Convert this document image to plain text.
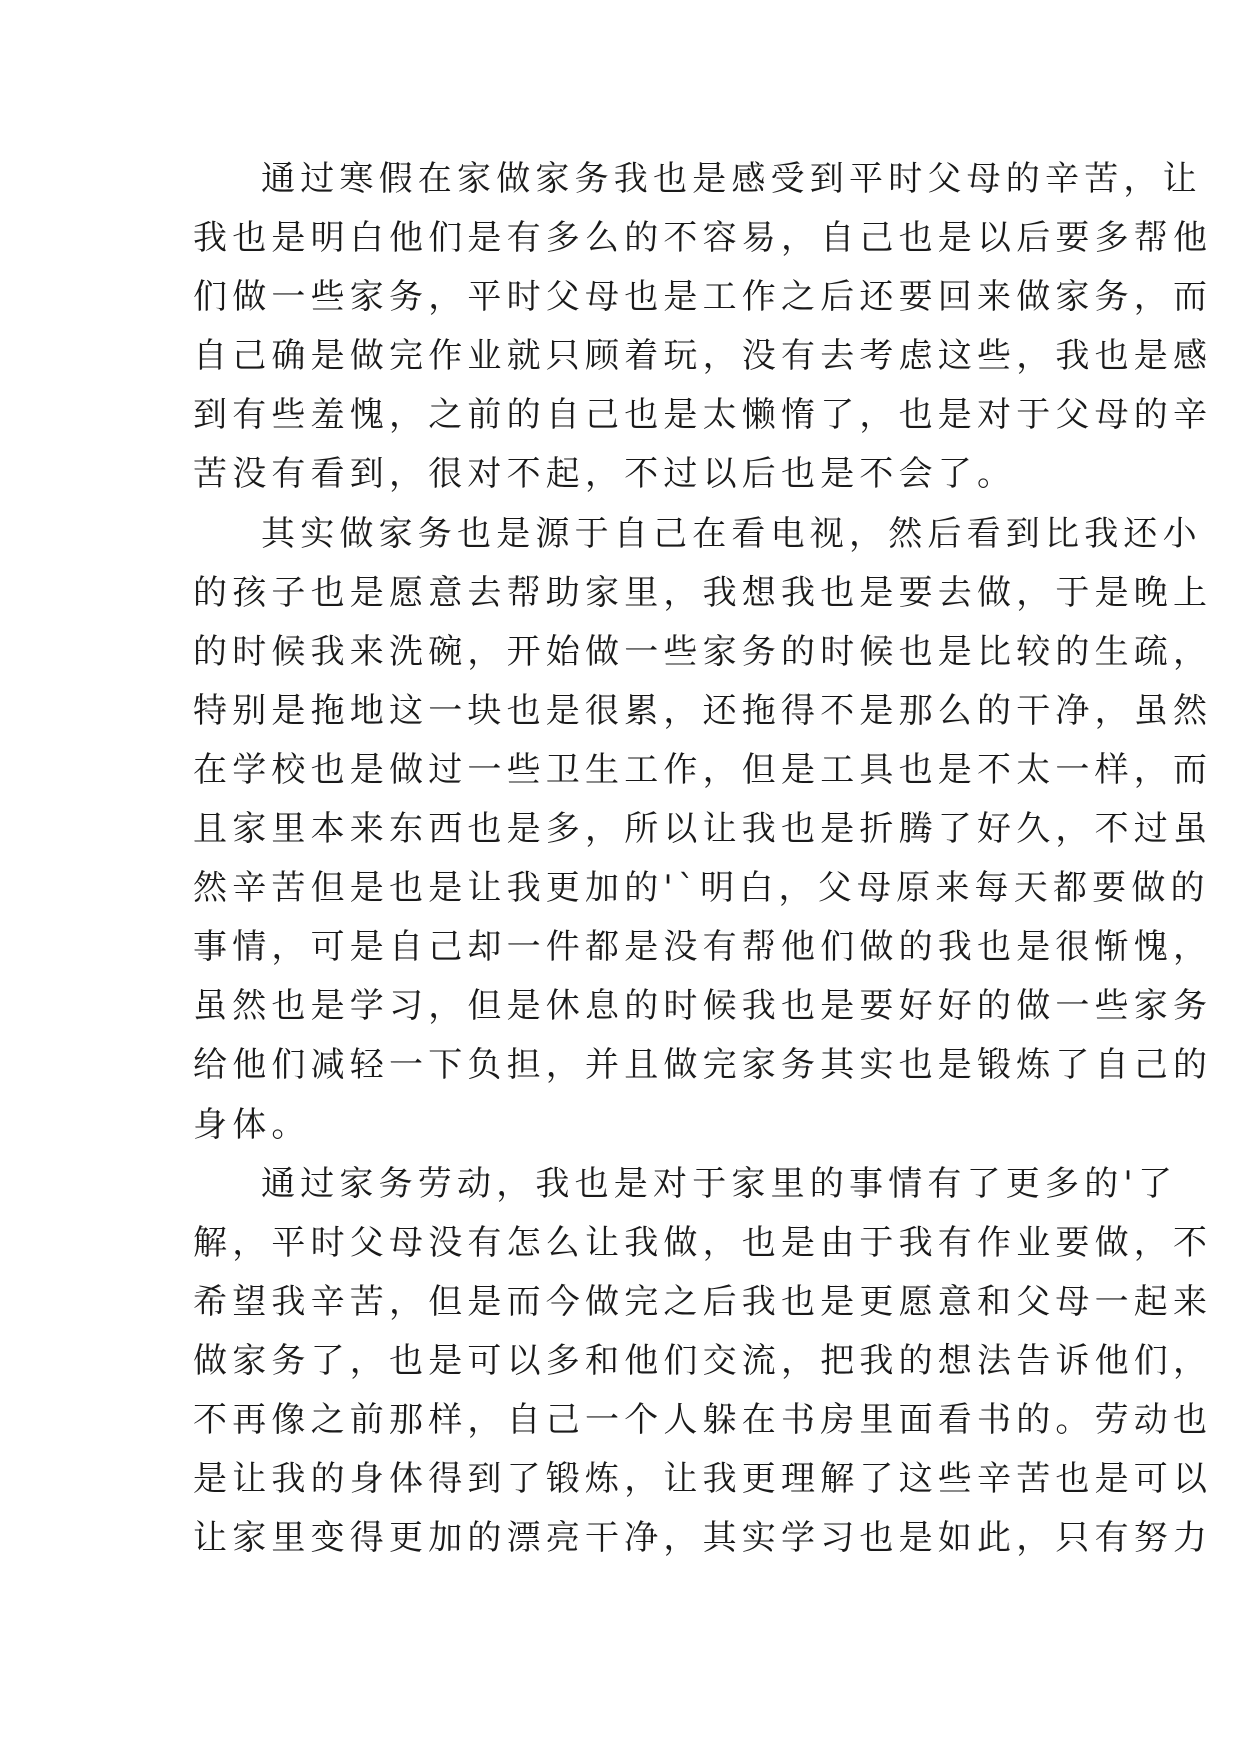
通过寒假在家做家务我也是感受到平时父母的辛苦，让
我也是明白他们是有多么的不容易，自己也是以后要多帮他
们做一些家务，平时父母也是工作之后还要回来做家务，而
自己确是做完作业就只顾着玩，没有去考虑这些，我也是感
到有些羞愧，之前的自己也是太懒惰了，也是对于父母的辛
苦没有看到，很对不起，不过以后也是不会了。
其实做家务也是源于自己在看电视，然后看到比我还小
的孩子也是愿意去帮助家里，我想我也是要去做，于是晚上
的时候我来洗碗，开始做一些家务的时候也是比较的生疏，
特别是拖地这一块也是很累，还拖得不是那么的干净，虽然
在学校也是做过一些卫生工作，但是工具也是不太一样，而
且家里本来东西也是多，所以让我也是折腾了好久，不过虽
然辛苦但是也是让我更加的'`明白，父母原来每天都要做的
事情，可是自己却一件都是没有帮他们做的我也是很惭愧，
虽然也是学习，但是休息的时候我也是要好好的做一些家务
给他们减轻一下负担，并且做完家务其实也是锻炼了自己的
身体。
通过家务劳动，我也是对于家里的事情有了更多的'了
解，平时父母没有怎么让我做，也是由于我有作业要做，不
希望我辛苦，但是而今做完之后我也是更愿意和父母一起来
做家务了，也是可以多和他们交流，把我的想法告诉他们，
不再像之前那样，自己一个人躲在书房里面看书的。劳动也
是让我的身体得到了锻炼，让我更理解了这些辛苦也是可以
让家里变得更加的漂亮干净，其实学习也是如此，只有努力
